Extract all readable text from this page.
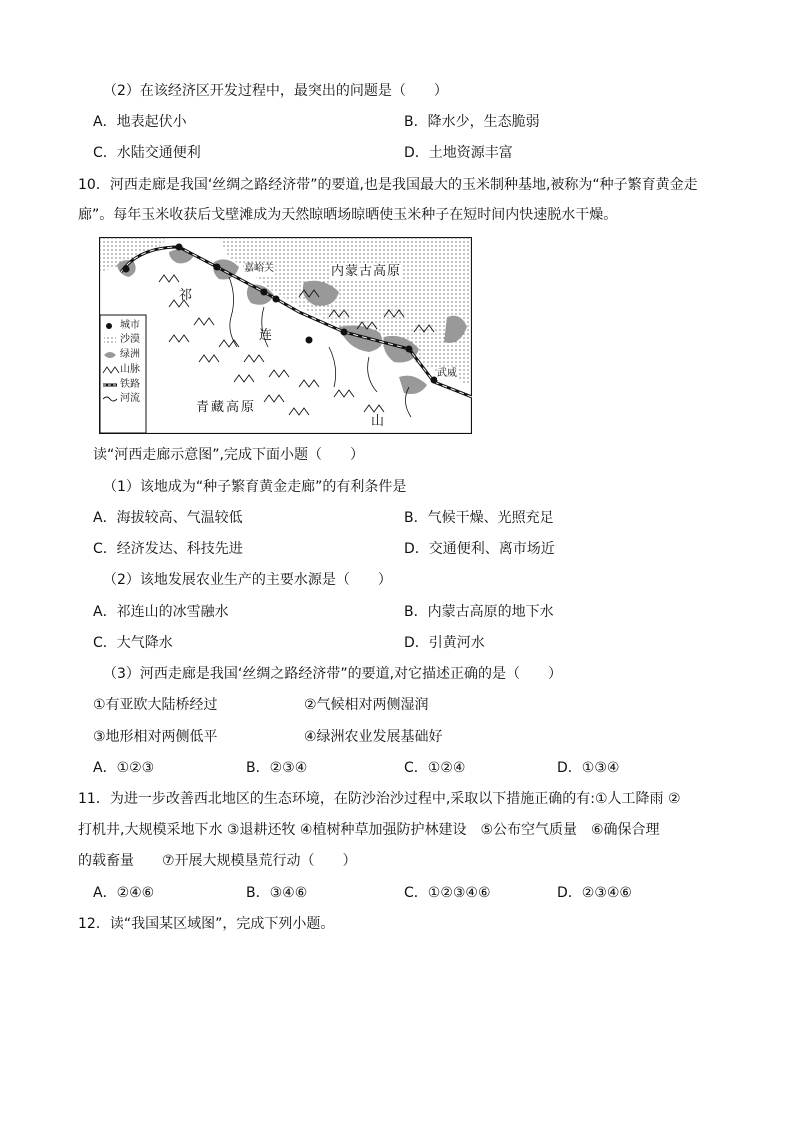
（2）在该经济区开发过程中，最突出的问题是（　　）
A．地表起伏小	B．降水少，生态脆弱
C．水陆交通便利	D．土地资源丰富
10．河西走廊是我国‘丝绸之路经济带”的要道,也是我国最大的玉米制种基地,被称为“种子繁育黄金走
廊”。每年玉米收获后戈壁滩成为天然晾晒场晾晒使玉米种子在短时间内快速脱水干燥。
嘉峪关	内蒙古高原
祁
连
山
青藏高原
武威
城市
沙漠
绿洲
山脉
铁路
河流
读“河西走廊示意图”,完成下面小题（　　）
（1）该地成为“种子繁育黄金走廊”的有利条件是
A．海拔较高、气温较低	B．气候干燥、光照充足
C．经济发达、科技先进	D．交通便利、离市场近
（2）该地发展农业生产的主要水源是（　　）
A．祁连山的冰雪融水	B．内蒙古高原的地下水
C．大气降水	D．引黄河水
（3）河西走廊是我国‘丝绸之路经济带”的要道,对它描述正确的是（　　）
①有亚欧大陆桥经过	②气候相对两侧湿润
③地形相对两侧低平	④绿洲农业发展基础好
A．①②③	B．②③④	C．①②④	D．①③④
11．为进一步改善西北地区的生态环境，在防沙治沙过程中,采取以下措施正确的有:①人工降雨 ②
打机井,大规模采地下水 ③退耕还牧 ④植树种草加强防护林建设　⑤公布空气质量　⑥确保合理
的载畜量　　⑦开展大规模垦荒行动（　　）
A．②④⑥	B．③④⑥	C．①②③④⑥	D．②③④⑥
12．读“我国某区域图”，完成下列小题。
